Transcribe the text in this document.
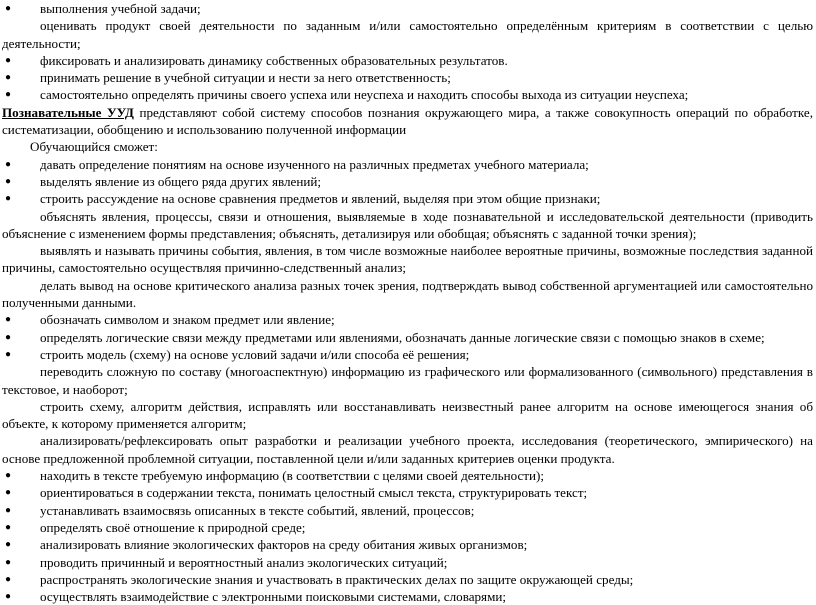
● выполнения учебной задачи;

оценивать продукт своей деятельности по заданным и/или самостоятельно определённым критериям в соответствии с целью деятельности;

● фиксировать и анализировать динамику собственных образовательных результатов.

● принимать решение в учебной ситуации и нести за него ответственность;

● самостоятельно определять причины своего успеха или неуспеха и находить способы выхода из ситуации неуспеха;

Познавательные УУД представляют собой систему способов познания окружающего мира, а также совокупность операций по обработке, систематизации, обобщению и использованию полученной информации

Обучающийся сможет:

● давать определение понятиям на основе изученного на различных предметах учебного материала;

● выделять явление из общего ряда других явлений;

● строить рассуждение на основе сравнения предметов и явлений, выделяя при этом общие признаки;

объяснять явления, процессы, связи и отношения, выявляемые в ходе познавательной и исследовательской деятельности (приводить объяснение с изменением формы представления; объяснять, детализируя или обобщая; объяснять с заданной точки зрения);

выявлять и называть причины события, явления, в том числе возможные наиболее вероятные причины, возможные последствия заданной причины, самостоятельно осуществляя причинно-следственный анализ;

делать вывод на основе критического анализа разных точек зрения, подтверждать вывод собственной аргументацией или самостоятельно полученными данными.

● обозначать символом и знаком предмет или явление;

● определять логические связи между предметами или явлениями, обозначать данные логические связи с помощью знаков в схеме;

● строить модель (схему) на основе условий задачи и/или способа её решения;

переводить сложную по составу (многоаспектную) информацию из графического или формализованного (символьного) представления в текстовое, и наоборот;

строить схему, алгоритм действия, исправлять или восстанавливать неизвестный ранее алгоритм на основе имеющегося знания об объекте, к которому применяется алгоритм;

анализировать/рефлексировать опыт разработки и реализации учебного проекта, исследования (теоретического, эмпирического) на основе предложенной проблемной ситуации, поставленной цели и/или заданных критериев оценки продукта.

● находить в тексте требуемую информацию (в соответствии с целями своей деятельности);

● ориентироваться в содержании текста, понимать целостный смысл текста, структурировать текст;

● устанавливать взаимосвязь описанных в тексте событий, явлений, процессов;

● определять своё отношение к природной среде;

● анализировать влияние экологических факторов на среду обитания живых организмов;

● проводить причинный и вероятностный анализ экологических ситуаций;

● распространять экологические знания и участвовать в практических делах по защите окружающей среды;

● осуществлять взаимодействие с электронными поисковыми системами, словарями;
